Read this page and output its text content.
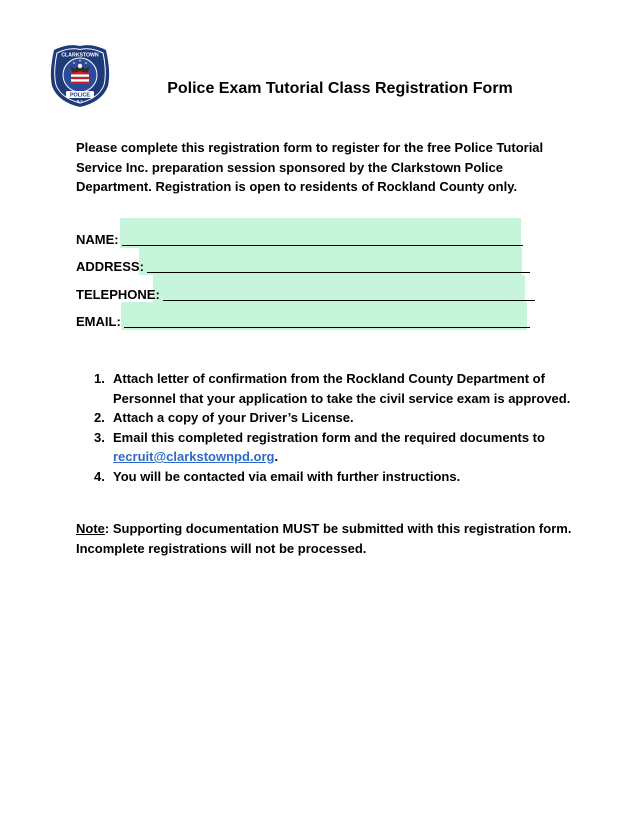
CLARKSTOWN
POLICE
N.Y.
Police Exam Tutorial Class Registration Form
Please complete this registration form to register for the free Police Tutorial Service Inc. preparation session sponsored by the Clarkstown Police Department. Registration is open to residents of Rockland County only.
NAME:
ADDRESS:
TELEPHONE:
EMAIL:
1. Attach letter of confirmation from the Rockland County Department of Personnel that your application to take the civil service exam is approved.
2. Attach a copy of your Driver’s License.
3. Email this completed registration form and the required documents to
recruit@clarkstownpd.org.
4. You will be contacted via email with further instructions.
Note: Supporting documentation MUST be submitted with this registration form. Incomplete registrations will not be processed.
